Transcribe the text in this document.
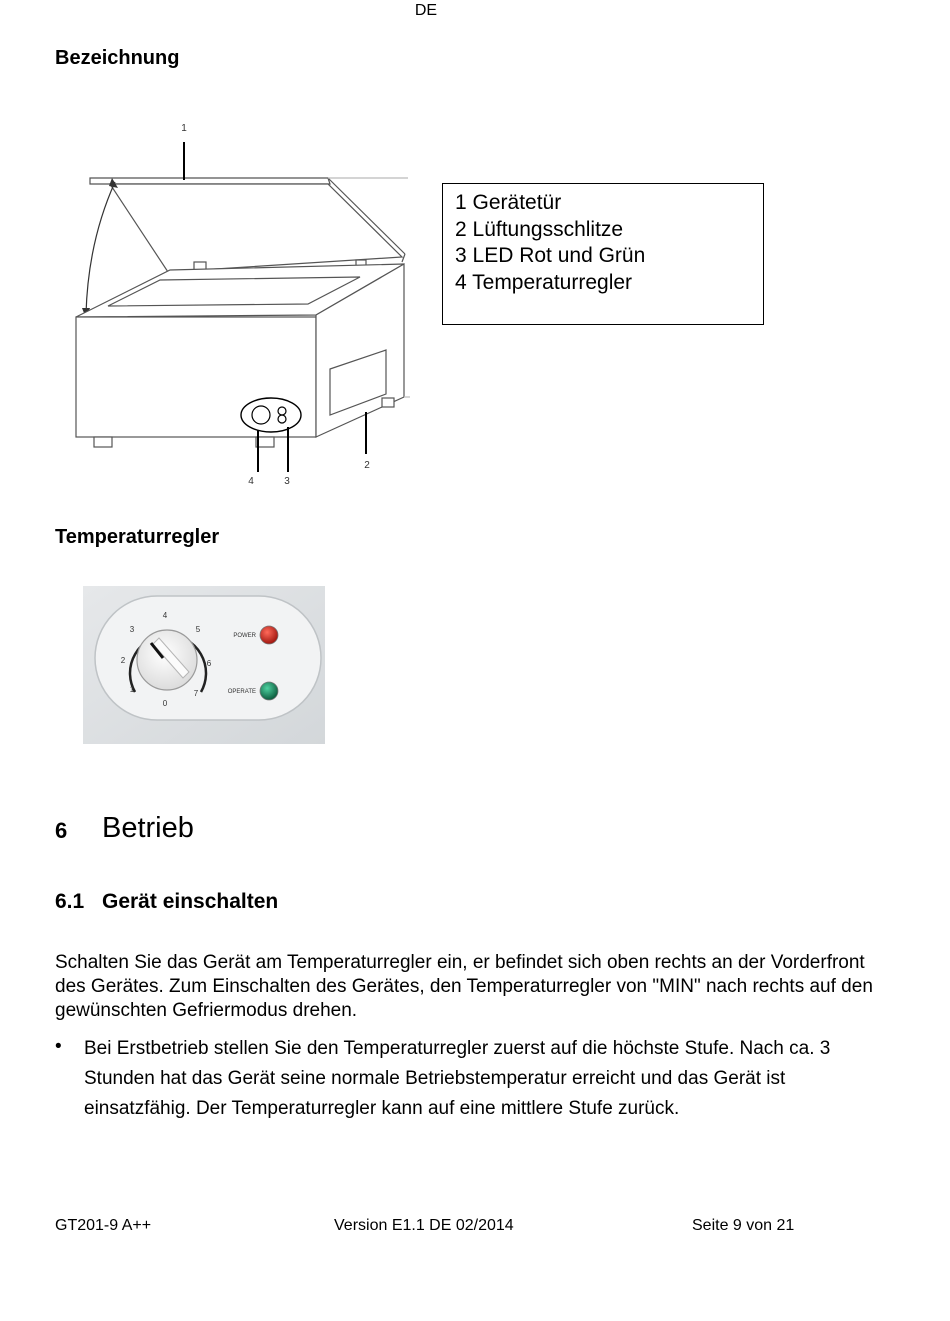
DE
Bezeichnung
1
2
4	3
1 Gerätetür
2 Lüftungsschlitze
3 LED Rot und Grün
4 Temperaturregler
Temperaturregler
0
1
2
3
4
5
6
7
POWER
OPERATE
6 Betrieb
6.1 Gerät einschalten
Schalten Sie das Gerät am Temperaturregler ein, er befindet sich oben rechts an der Vorderfront des Gerätes. Zum Einschalten des Gerätes, den Temperaturregler von "MIN" nach rechts auf den gewünschten Gefriermodus drehen.
• Bei Erstbetrieb stellen Sie den Temperaturregler zuerst auf die höchste Stufe. Nach ca. 3 Stunden hat das Gerät seine normale Betriebstemperatur erreicht und das Gerät ist einsatzfähig. Der Temperaturregler kann auf eine mittlere Stufe zurück.
GT201-9 A++	Version E1.1 DE 02/2014	Seite 9 von 21
